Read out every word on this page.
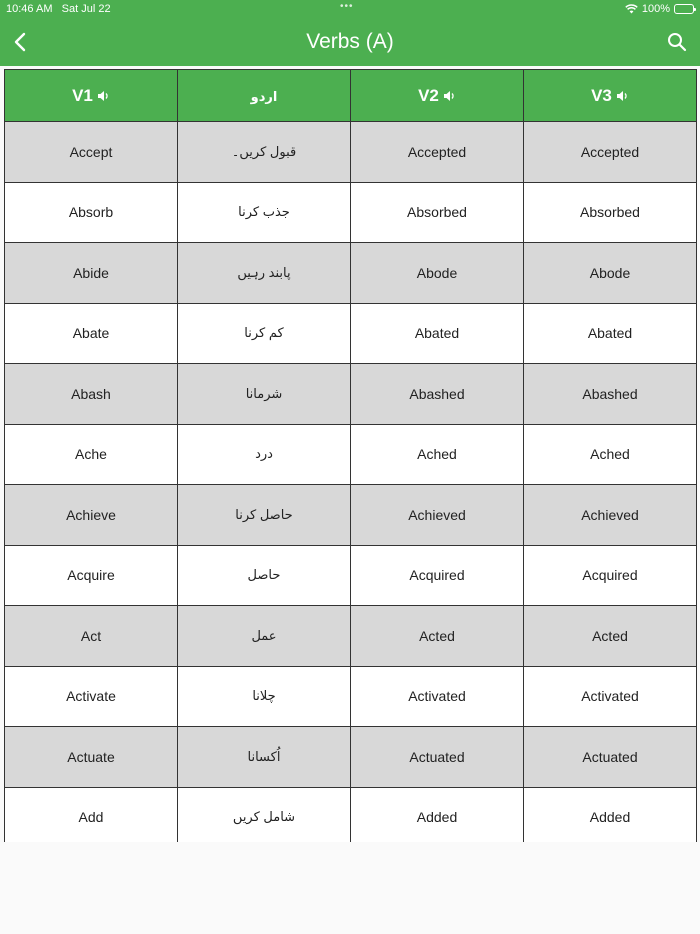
10:46 AM Sat Jul 22	•••	100%
Verbs (A)
V1	اردو	V2	V3
Accept	قبول کریں۔	Accepted	Accepted
Absorb	جذب کرنا	Absorbed	Absorbed
Abide	پابند رہیں	Abode	Abode
Abate	کم کرنا	Abated	Abated
Abash	شرمانا	Abashed	Abashed
Ache	درد	Ached	Ached
Achieve	حاصل کرنا	Achieved	Achieved
Acquire	حاصل	Acquired	Acquired
Act	عمل	Acted	Acted
Activate	چلانا	Activated	Activated
Actuate	اُکسانا	Actuated	Actuated
Add	شامل کریں	Added	Added
